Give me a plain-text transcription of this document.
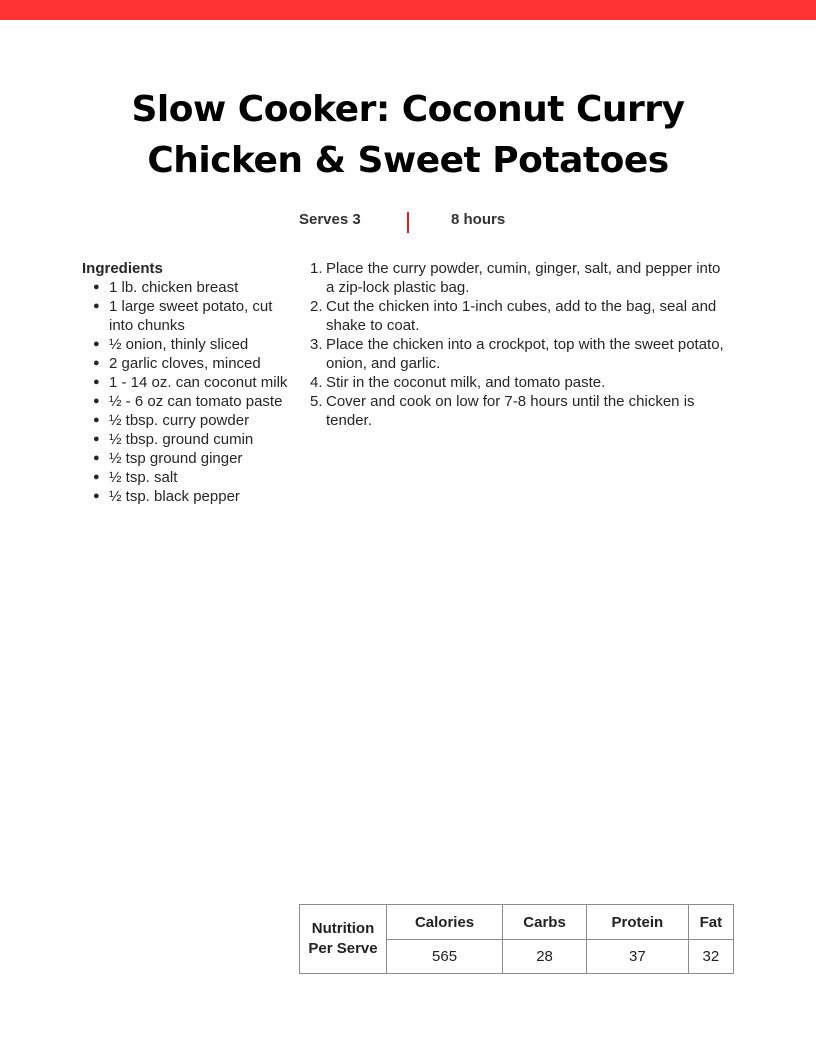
Slow Cooker: Coconut Curry
Chicken & Sweet Potatoes
Serves 3	8 hours
Ingredients
● 1 lb. chicken breast
● 1 large sweet potato, cut into chunks
● ½ onion, thinly sliced
● 2 garlic cloves, minced
● 1 - 14 oz. can coconut milk
● ½ - 6 oz can tomato paste
● ½ tbsp. curry powder
● ½ tbsp. ground cumin
● ½ tsp ground ginger
● ½ tsp. salt
● ½ tsp. black pepper
1. Place the curry powder, cumin, ginger, salt, and pepper into a zip-lock plastic bag.
2. Cut the chicken into 1-inch cubes, add to the bag, seal and shake to coat.
3. Place the chicken into a crockpot, top with the sweet potato, onion, and garlic.
4. Stir in the coconut milk, and tomato paste.
5. Cover and cook on low for 7-8 hours until the chicken is tender.
Nutrition
Per Serve	Calories	Carbs	Protein	Fat
	565	28	37	32
